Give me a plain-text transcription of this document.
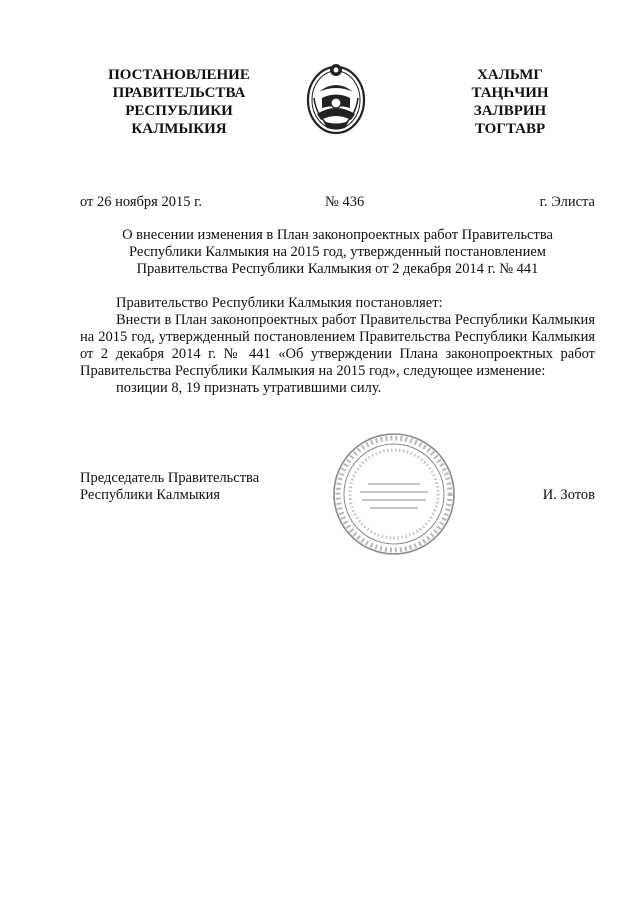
ПОСТАНОВЛЕНИЕ
ПРАВИТЕЛЬСТВА
РЕСПУБЛИКИ
КАЛМЫКИЯ
ХАЛЬМГ
ТАҢҺЧИН
ЗАЛВРИН
ТОГТАВР
от 26 ноября 2015 г.	№ 436	г. Элиста
О внесении изменения в План законопроектных работ Правительства
Республики Калмыкия на 2015 год, утвержденный постановлением
Правительства Республики Калмыкия от 2 декабря 2014 г. № 441

Правительство Республики Калмыкия постановляет:

Внести в План законопроектных работ Правительства Республики Калмыкия на 2015 год, утвержденный постановлением Правительства Республики Калмыкия от 2 декабря 2014 г. № 441 «Об утверждении Плана законопроектных работ Правительства Республики Калмыкия на 2015 год», следующее изменение:

позиции 8, 19 признать утратившими силу.

Председатель Правительства
Республики Калмыкия	И. Зотов
